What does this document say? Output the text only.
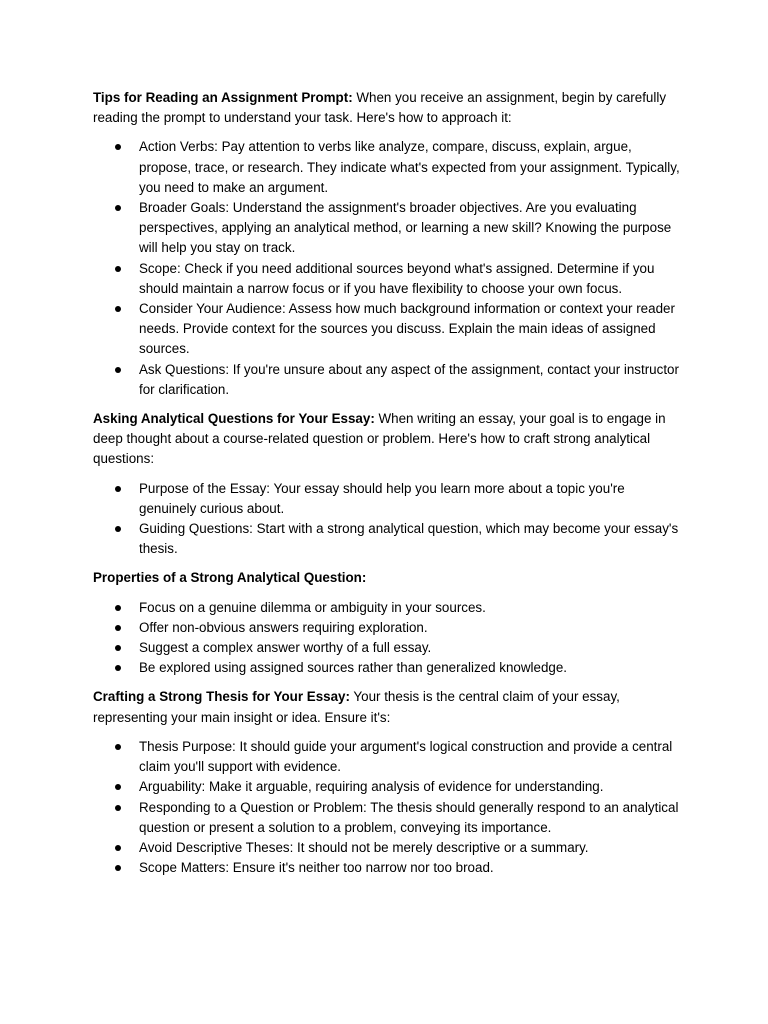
Tips for Reading an Assignment Prompt: When you receive an assignment, begin by carefully reading the prompt to understand your task. Here's how to approach it:

Action Verbs: Pay attention to verbs like analyze, compare, discuss, explain, argue, propose, trace, or research. They indicate what's expected from your assignment. Typically, you need to make an argument.
Broader Goals: Understand the assignment's broader objectives. Are you evaluating perspectives, applying an analytical method, or learning a new skill? Knowing the purpose will help you stay on track.
Scope: Check if you need additional sources beyond what's assigned. Determine if you should maintain a narrow focus or if you have flexibility to choose your own focus.
Consider Your Audience: Assess how much background information or context your reader needs. Provide context for the sources you discuss. Explain the main ideas of assigned sources.
Ask Questions: If you're unsure about any aspect of the assignment, contact your instructor for clarification.

Asking Analytical Questions for Your Essay: When writing an essay, your goal is to engage in deep thought about a course-related question or problem. Here's how to craft strong analytical questions:

Purpose of the Essay: Your essay should help you learn more about a topic you're genuinely curious about.
Guiding Questions: Start with a strong analytical question, which may become your essay's thesis.

Properties of a Strong Analytical Question:

Focus on a genuine dilemma or ambiguity in your sources.
Offer non-obvious answers requiring exploration.
Suggest a complex answer worthy of a full essay.
Be explored using assigned sources rather than generalized knowledge.

Crafting a Strong Thesis for Your Essay: Your thesis is the central claim of your essay, representing your main insight or idea. Ensure it's:

Thesis Purpose: It should guide your argument's logical construction and provide a central claim you'll support with evidence.
Arguability: Make it arguable, requiring analysis of evidence for understanding.
Responding to a Question or Problem: The thesis should generally respond to an analytical question or present a solution to a problem, conveying its importance.
Avoid Descriptive Theses: It should not be merely descriptive or a summary.
Scope Matters: Ensure it's neither too narrow nor too broad.
